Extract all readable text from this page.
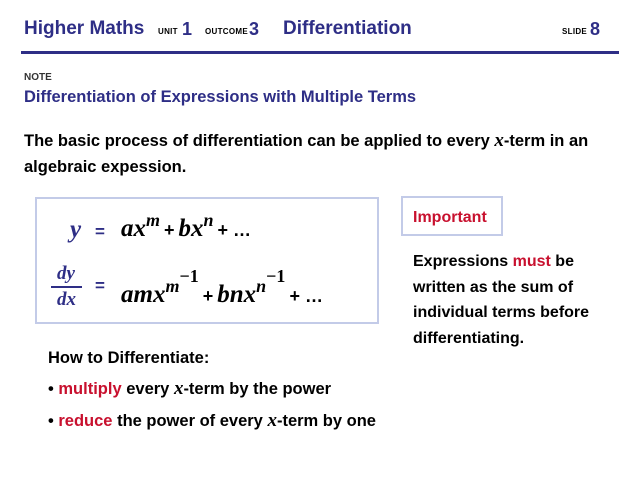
Higher Maths UNIT 1 OUTCOME 3 Differentiation	SLIDE 8
NOTE
Differentiation of Expressions with Multiple Terms
The basic process of differentiation can be applied to every x-term in an algebraic expession.
y = axm + bxn + …
dy
dx
= amxm−1 + bnxn−1 + …
Important
Expressions must be written as the sum of individual terms before differentiating.
How to Differentiate:
• multiply every x-term by the power
• reduce the power of every x-term by one
